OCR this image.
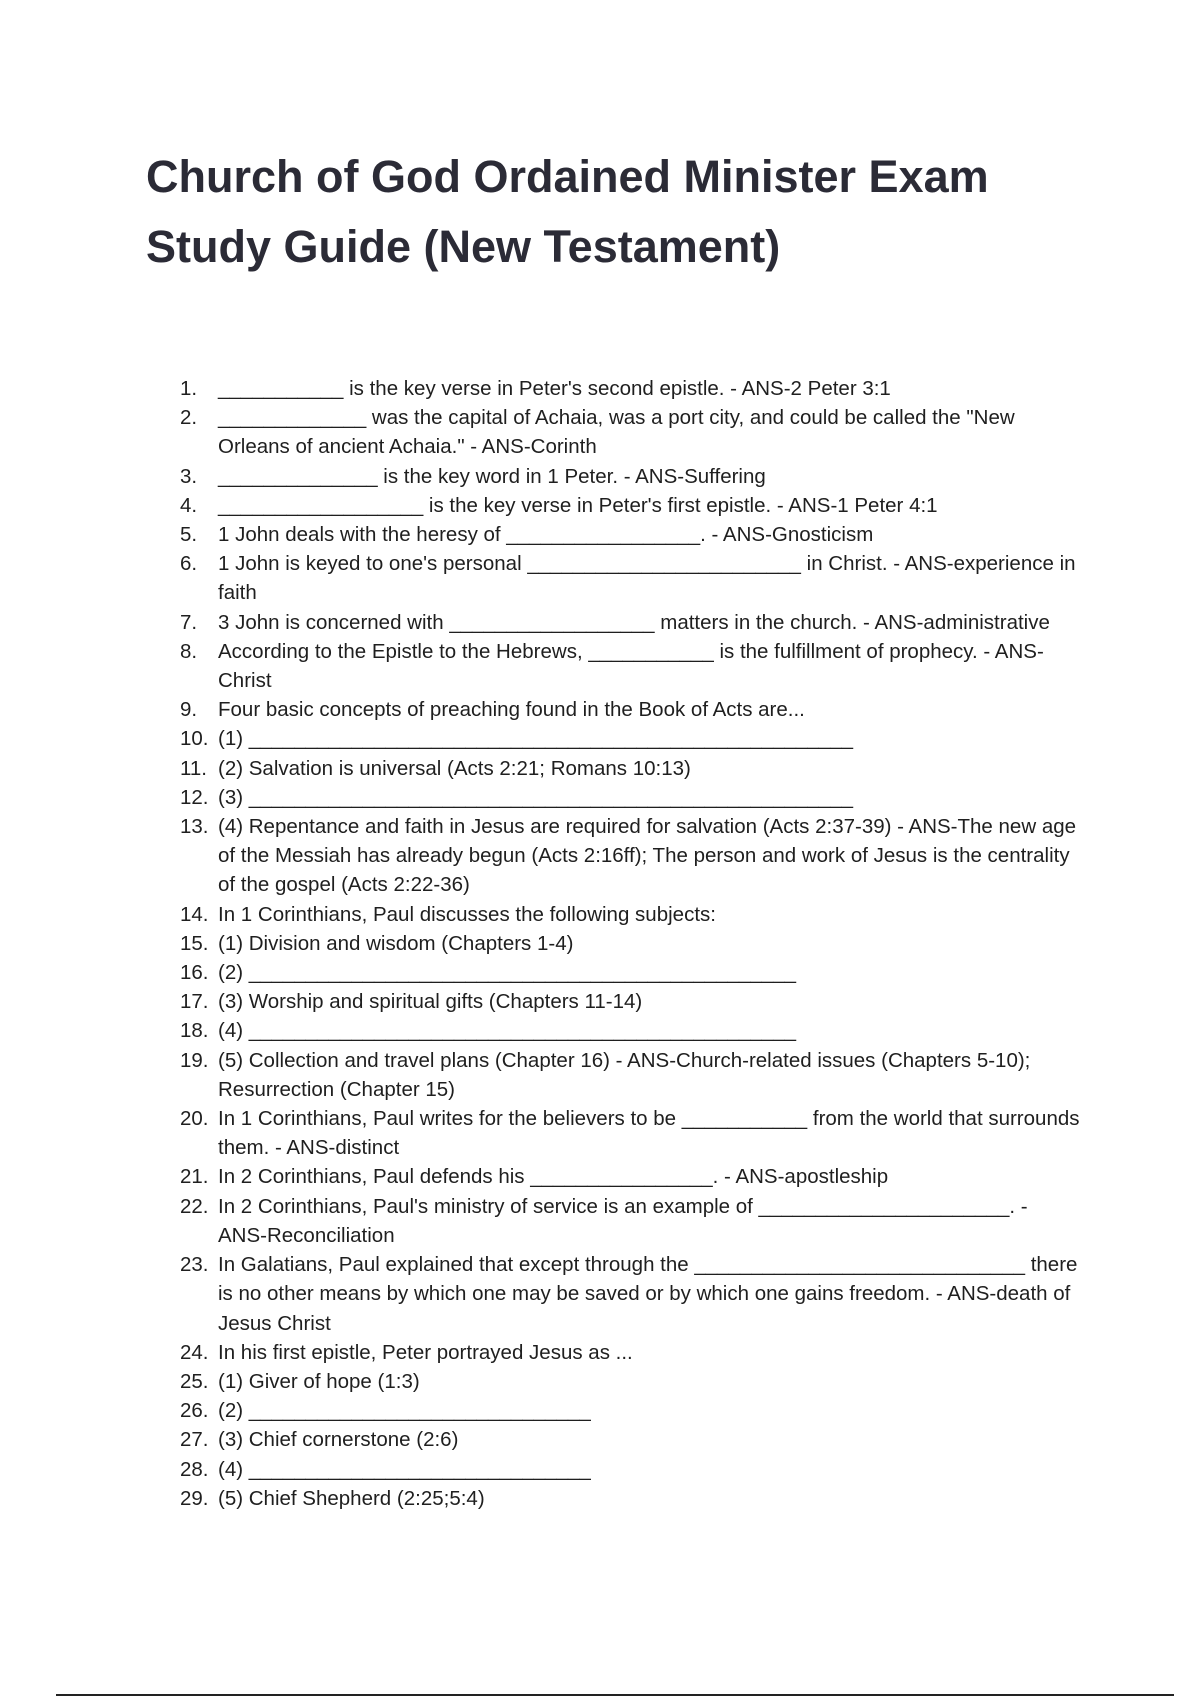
Church of God Ordained Minister Exam
Study Guide (New Testament)
1.	___________ is the key verse in Peter's second epistle. - ANS-2 Peter 3:1
2.	_____________ was the capital of Achaia, was a port city, and could be called the "New Orleans of ancient Achaia." - ANS-Corinth
3.	______________ is the key word in 1 Peter. - ANS-Suffering
4.	__________________ is the key verse in Peter's first epistle. - ANS-1 Peter 4:1
5.	1 John deals with the heresy of _________________. - ANS-Gnosticism
6.	1 John is keyed to one's personal ________________________ in Christ. - ANS-experience in faith
7.	3 John is concerned with __________________ matters in the church. - ANS-administrative
8.	According to the Epistle to the Hebrews, ___________ is the fulfillment of prophecy. - ANS-Christ
9.	Four basic concepts of preaching found in the Book of Acts are...
10. (1) _____________________________________________________
11. (2) Salvation is universal (Acts 2:21; Romans 10:13)
12. (3) _____________________________________________________
13. (4) Repentance and faith in Jesus are required for salvation (Acts 2:37-39) - ANS-The new age of the Messiah has already begun (Acts 2:16ff); The person and work of Jesus is the centrality of the gospel (Acts 2:22-36)
14. In 1 Corinthians, Paul discusses the following subjects:
15. (1) Division and wisdom (Chapters 1-4)
16. (2) ________________________________________________
17. (3) Worship and spiritual gifts (Chapters 11-14)
18. (4) ________________________________________________
19. (5) Collection and travel plans (Chapter 16) - ANS-Church-related issues (Chapters 5-10); Resurrection (Chapter 15)
20. In 1 Corinthians, Paul writes for the believers to be ___________ from the world that surrounds them. - ANS-distinct
21. In 2 Corinthians, Paul defends his ________________. - ANS-apostleship
22. In 2 Corinthians, Paul's ministry of service is an example of ______________________. - ANS-Reconciliation
23. In Galatians, Paul explained that except through the _____________________________ there is no other means by which one may be saved or by which one gains freedom. - ANS-death of Jesus Christ
24. In his first epistle, Peter portrayed Jesus as ...
25. (1) Giver of hope (1:3)
26. (2) ______________________________
27. (3) Chief cornerstone (2:6)
28. (4) ______________________________
29. (5) Chief Shepherd (2:25;5:4)
